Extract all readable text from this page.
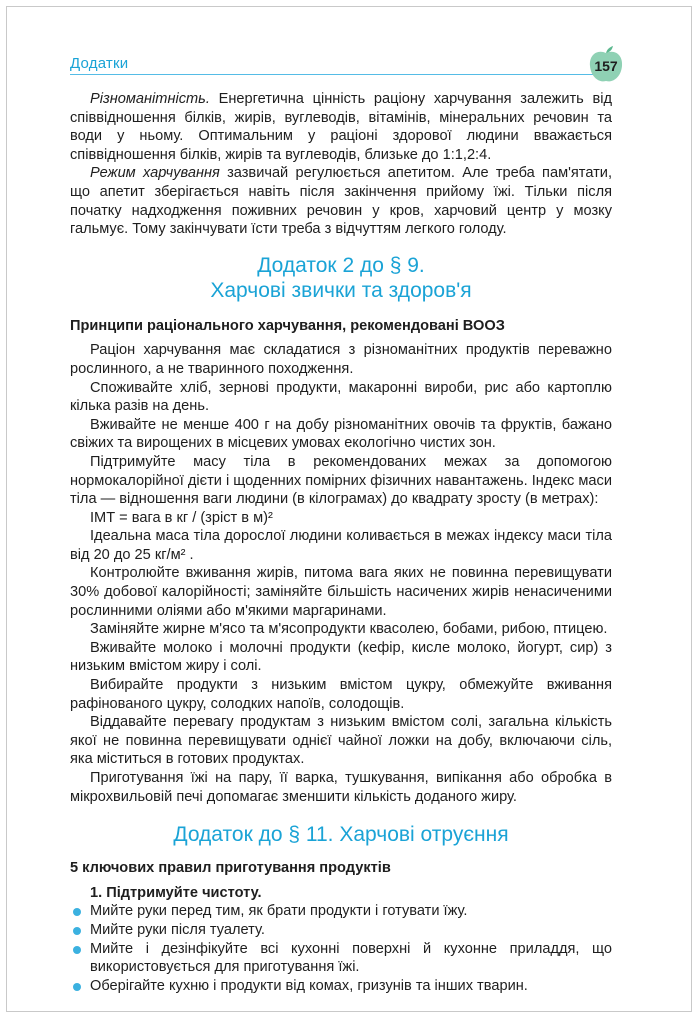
Додатки	157

Різноманітність. Енергетична цінність раціону харчування залежить від співвідношення білків, жирів, вуглеводів, вітамінів, мінеральних речовин та води у ньому. Оптимальним у раціоні здорової людини вважається співвідношення білків, жирів та вуглеводів, близьке до 1:1,2:4.

Режим харчування зазвичай регулюється апетитом. Але треба пам'ятати, що апетит зберігається навіть після закінчення прийому їжі. Тільки після початку надходження поживних речовин у кров, харчовий центр у мозку гальмує. Тому закінчувати їсти треба з відчуттям легкого голоду.

Додаток 2 до § 9.
Харчові звички та здоров'я

Принципи раціонального харчування, рекомендовані ВООЗ

Раціон харчування має складатися з різноманітних продуктів переважно рослинного, а не тваринного походження.

Споживайте хліб, зернові продукти, макаронні вироби, рис або картоплю кілька разів на день.

Вживайте не менше 400 г на добу різноманітних овочів та фруктів, бажано свіжих та вирощених в місцевих умовах екологічно чистих зон.

Підтримуйте масу тіла в рекомендованих межах за допомогою нормокалорійної дієти і щоденних помірних фізичних навантажень. Індекс маси тіла — відношення ваги людини (в кілограмах) до квадрату зросту (в метрах):

ІМТ = вага в кг / (зріст в м)²

Ідеальна маса тіла дорослої людини коливається в межах індексу маси тіла від 20 до 25 кг/м² .

Контролюйте вживання жирів, питома вага яких не повинна перевищувати 30% добової калорійності; заміняйте більшість насичених жирів ненасиченими рослинними оліями або м'якими маргаринами.

Заміняйте жирне м'ясо та м'ясопродукти квасолею, бобами, рибою, птицею.

Вживайте молоко і молочні продукти (кефір, кисле молоко, йогурт, сир) з низьким вмістом жиру і солі.

Вибирайте продукти з низьким вмістом цукру, обмежуйте вживання рафінованого цукру, солодких напоїв, солодощів.

Віддавайте перевагу продуктам з низьким вмістом солі, загальна кількість якої не повинна перевищувати однієї чайної ложки на добу, включаючи сіль, яка міститься в готових продуктах.

Приготування їжі на пару, її варка, тушкування, випікання або обробка в мікрохвильовій печі допомагає зменшити кількість доданого жиру.

Додаток до § 11. Харчові отруєння

5 ключових правил приготування продуктів

1. Підтримуйте чистоту.

Мийте руки перед тим, як брати продукти і готувати їжу.
Мийте руки після туалету.
Мийте і дезінфікуйте всі кухонні поверхні й кухонне приладдя, що використовується для приготування їжі.
Оберігайте кухню і продукти від комах, гризунів та інших тварин.
